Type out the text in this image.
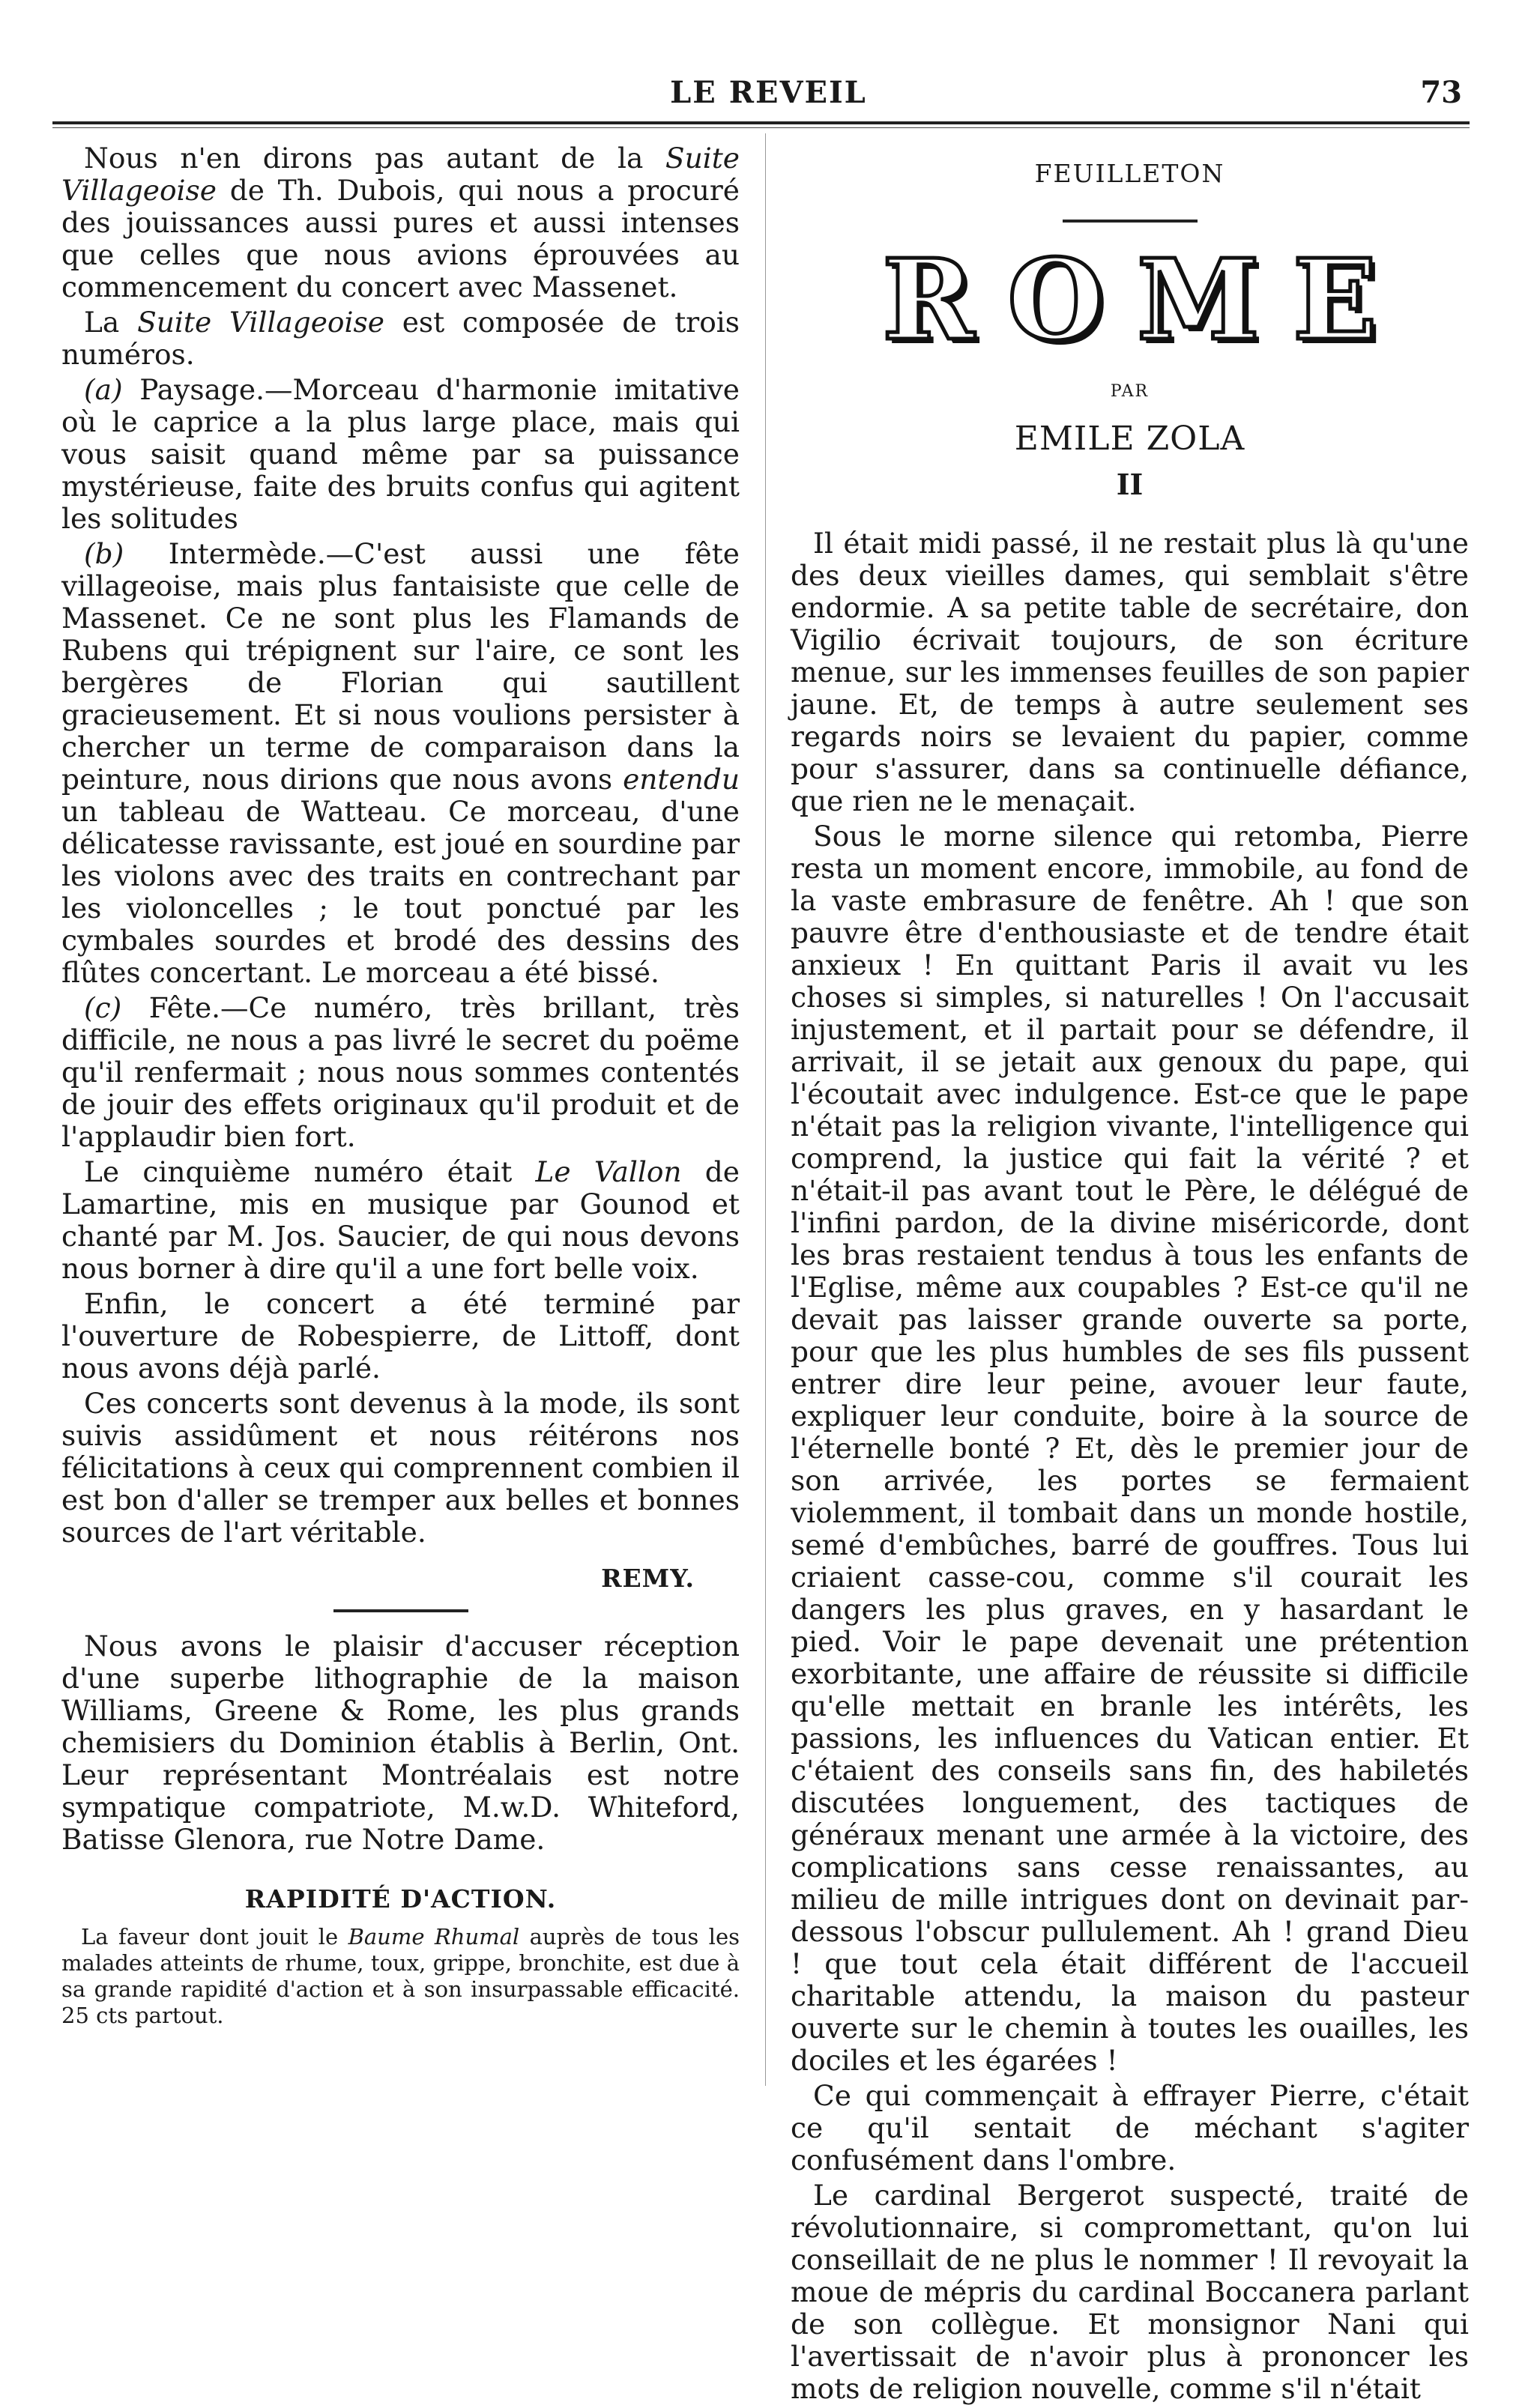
LE REVEIL	73

Nous n'en dirons pas autant de la Suite Villageoise de Th. Dubois, qui nous a procuré des jouissances aussi pures et aussi intenses que celles que nous avions éprouvées au commencement du concert avec Massenet.

La Suite Villageoise est composée de trois numéros.

(a) Paysage.—Morceau d'harmonie imitative où le caprice a la plus large place, mais qui vous saisit quand même par sa puissance mystérieuse, faite des bruits confus qui agitent les solitudes

(b) Intermède.—C'est aussi une fête villageoise, mais plus fantaisiste que celle de Massenet. Ce ne sont plus les Flamands de Rubens qui trépignent sur l'aire, ce sont les bergères de Florian qui sautillent gracieusement. Et si nous voulions persister à chercher un terme de comparaison dans la peinture, nous dirions que nous avons entendu un tableau de Watteau. Ce morceau, d'une délicatesse ravissante, est joué en sourdine par les violons avec des traits en contrechant par les violoncelles ; le tout ponctué par les cymbales sourdes et brodé des dessins des flûtes concertant. Le morceau a été bissé.

(c) Fête.—Ce numéro, très brillant, très difficile, ne nous a pas livré le secret du poëme qu'il renfermait ; nous nous sommes contentés de jouir des effets originaux qu'il produit et de l'applaudir bien fort.

Le cinquième numéro était Le Vallon de Lamartine, mis en musique par Gounod et chanté par M. Jos. Saucier, de qui nous devons nous borner à dire qu'il a une fort belle voix.

Enfin, le concert a été terminé par l'ouverture de Robespierre, de Littoff, dont nous avons déjà parlé.

Ces concerts sont devenus à la mode, ils sont suivis assidûment et nous réitérons nos félicitations à ceux qui comprennent combien il est bon d'aller se tremper aux belles et bonnes sources de l'art véritable.

REMY.

Nous avons le plaisir d'accuser réception d'une superbe lithographie de la maison Williams, Greene & Rome, les plus grands chemisiers du Dominion établis à Berlin, Ont. Leur représentant Montréalais est notre sympatique compatriote, M.w.D. Whiteford, Batisse Glenora, rue Notre Dame.

RAPIDITÉ D'ACTION.

La faveur dont jouit le Baume Rhumal auprès de tous les malades atteints de rhume, toux, grippe, bronchite, est due à sa grande rapidité d'action et à son insurpassable efficacité. 25 cts partout.

FEUILLETON
R O M E
PAR
EMILE ZOLA
II

Il était midi passé, il ne restait plus là qu'une des deux vieilles dames, qui semblait s'être endormie. A sa petite table de secrétaire, don Vigilio écrivait toujours, de son écriture menue, sur les immenses feuilles de son papier jaune. Et, de temps à autre seulement ses regards noirs se levaient du papier, comme pour s'assurer, dans sa continuelle défiance, que rien ne le menaçait.

Sous le morne silence qui retomba, Pierre resta un moment encore, immobile, au fond de la vaste embrasure de fenêtre. Ah ! que son pauvre être d'enthousiaste et de tendre était anxieux ! En quittant Paris il avait vu les choses si simples, si naturelles ! On l'accusait injustement, et il partait pour se défendre, il arrivait, il se jetait aux genoux du pape, qui l'écoutait avec indulgence. Est-ce que le pape n'était pas la religion vivante, l'intelligence qui comprend, la justice qui fait la vérité ? et n'était-il pas avant tout le Père, le délégué de l'infini pardon, de la divine miséricorde, dont les bras restaient tendus à tous les enfants de l'Eglise, même aux coupables ? Est-ce qu'il ne devait pas laisser grande ouverte sa porte, pour que les plus humbles de ses fils pussent entrer dire leur peine, avouer leur faute, expliquer leur conduite, boire à la source de l'éternelle bonté ? Et, dès le premier jour de son arrivée, les portes se fermaient violemment, il tombait dans un monde hostile, semé d'embûches, barré de gouffres. Tous lui criaient casse-cou, comme s'il courait les dangers les plus graves, en y hasardant le pied. Voir le pape devenait une prétention exorbitante, une affaire de réussite si difficile qu'elle mettait en branle les intérêts, les passions, les influences du Vatican entier. Et c'étaient des conseils sans fin, des habiletés discutées longuement, des tactiques de généraux menant une armée à la victoire, des complications sans cesse renaissantes, au milieu de mille intrigues dont on devinait par-dessous l'obscur pullulement. Ah ! grand Dieu ! que tout cela était différent de l'accueil charitable attendu, la maison du pasteur ouverte sur le chemin à toutes les ouailles, les dociles et les égarées !

Ce qui commençait à effrayer Pierre, c'était ce qu'il sentait de méchant s'agiter confusément dans l'ombre.

Le cardinal Bergerot suspecté, traité de révolutionnaire, si compromettant, qu'on lui conseillait de ne plus le nommer ! Il revoyait la moue de mépris du cardinal Boccanera parlant de son collègue. Et monsignor Nani qui l'avertissait de n'avoir plus à prononcer les mots de religion nouvelle, comme s'il n'était
